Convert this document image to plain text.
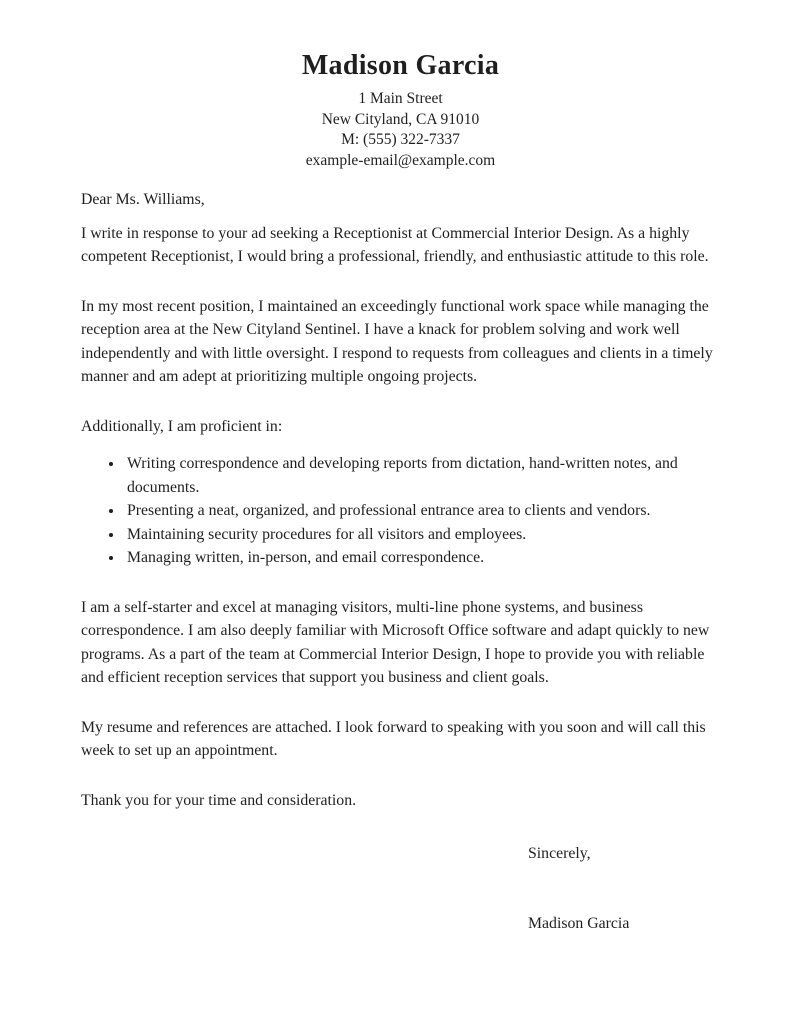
Madison Garcia
1 Main Street
New Cityland, CA 91010
M: (555) 322-7337
example-email@example.com

Dear Ms. Williams,

I write in response to your ad seeking a Receptionist at Commercial Interior Design. As a highly competent Receptionist, I would bring a professional, friendly, and enthusiastic attitude to this role.

In my most recent position, I maintained an exceedingly functional work space while managing the reception area at the New Cityland Sentinel. I have a knack for problem solving and work well independently and with little oversight. I respond to requests from colleagues and clients in a timely manner and am adept at prioritizing multiple ongoing projects.

Additionally, I am proficient in:

• Writing correspondence and developing reports from dictation, hand-written notes, and documents.
• Presenting a neat, organized, and professional entrance area to clients and vendors.
• Maintaining security procedures for all visitors and employees.
• Managing written, in-person, and email correspondence.

I am a self-starter and excel at managing visitors, multi-line phone systems, and business correspondence. I am also deeply familiar with Microsoft Office software and adapt quickly to new programs. As a part of the team at Commercial Interior Design, I hope to provide you with reliable and efficient reception services that support you business and client goals.

My resume and references are attached. I look forward to speaking with you soon and will call this week to set up an appointment.

Thank you for your time and consideration.

Sincerely,

Madison Garcia
